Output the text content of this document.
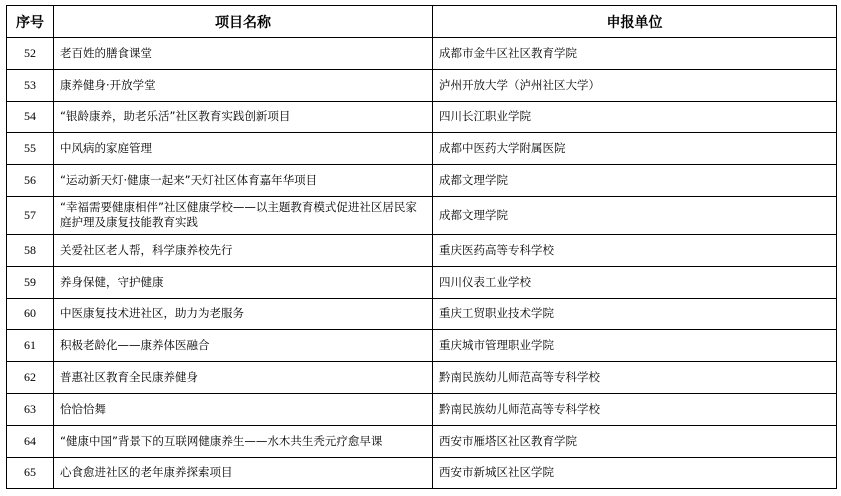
序号	项目名称	申报单位
52	老百姓的膳食课堂	成都市金牛区社区教育学院
53	康养健身·开放学堂	泸州开放大学（泸州社区大学）
54	“银龄康养，助老乐活”社区教育实践创新项目	四川长江职业学院
55	中风病的家庭管理	成都中医药大学附属医院
56	“运动新天灯·健康一起来”天灯社区体育嘉年华项目	成都文理学院
57	“幸福需要健康相伴”社区健康学校——以主题教育模式促进社区居民家庭护理及康复技能教育实践	成都文理学院
58	关爱社区老人帮，科学康养校先行	重庆医药高等专科学校
59	养身保健，守护健康	四川仪表工业学校
60	中医康复技术进社区，助力为老服务	重庆工贸职业技术学院
61	积极老龄化——康养体医融合	重庆城市管理职业学院
62	普惠社区教育全民康养健身	黔南民族幼儿师范高等专科学校
63	恰恰恰舞	黔南民族幼儿师范高等专科学校
64	“健康中国”背景下的互联网健康养生——水木共生秃元疗愈早课	西安市雁塔区社区教育学院
65	心食愈进社区的老年康养探索项目	西安市新城区社区学院
